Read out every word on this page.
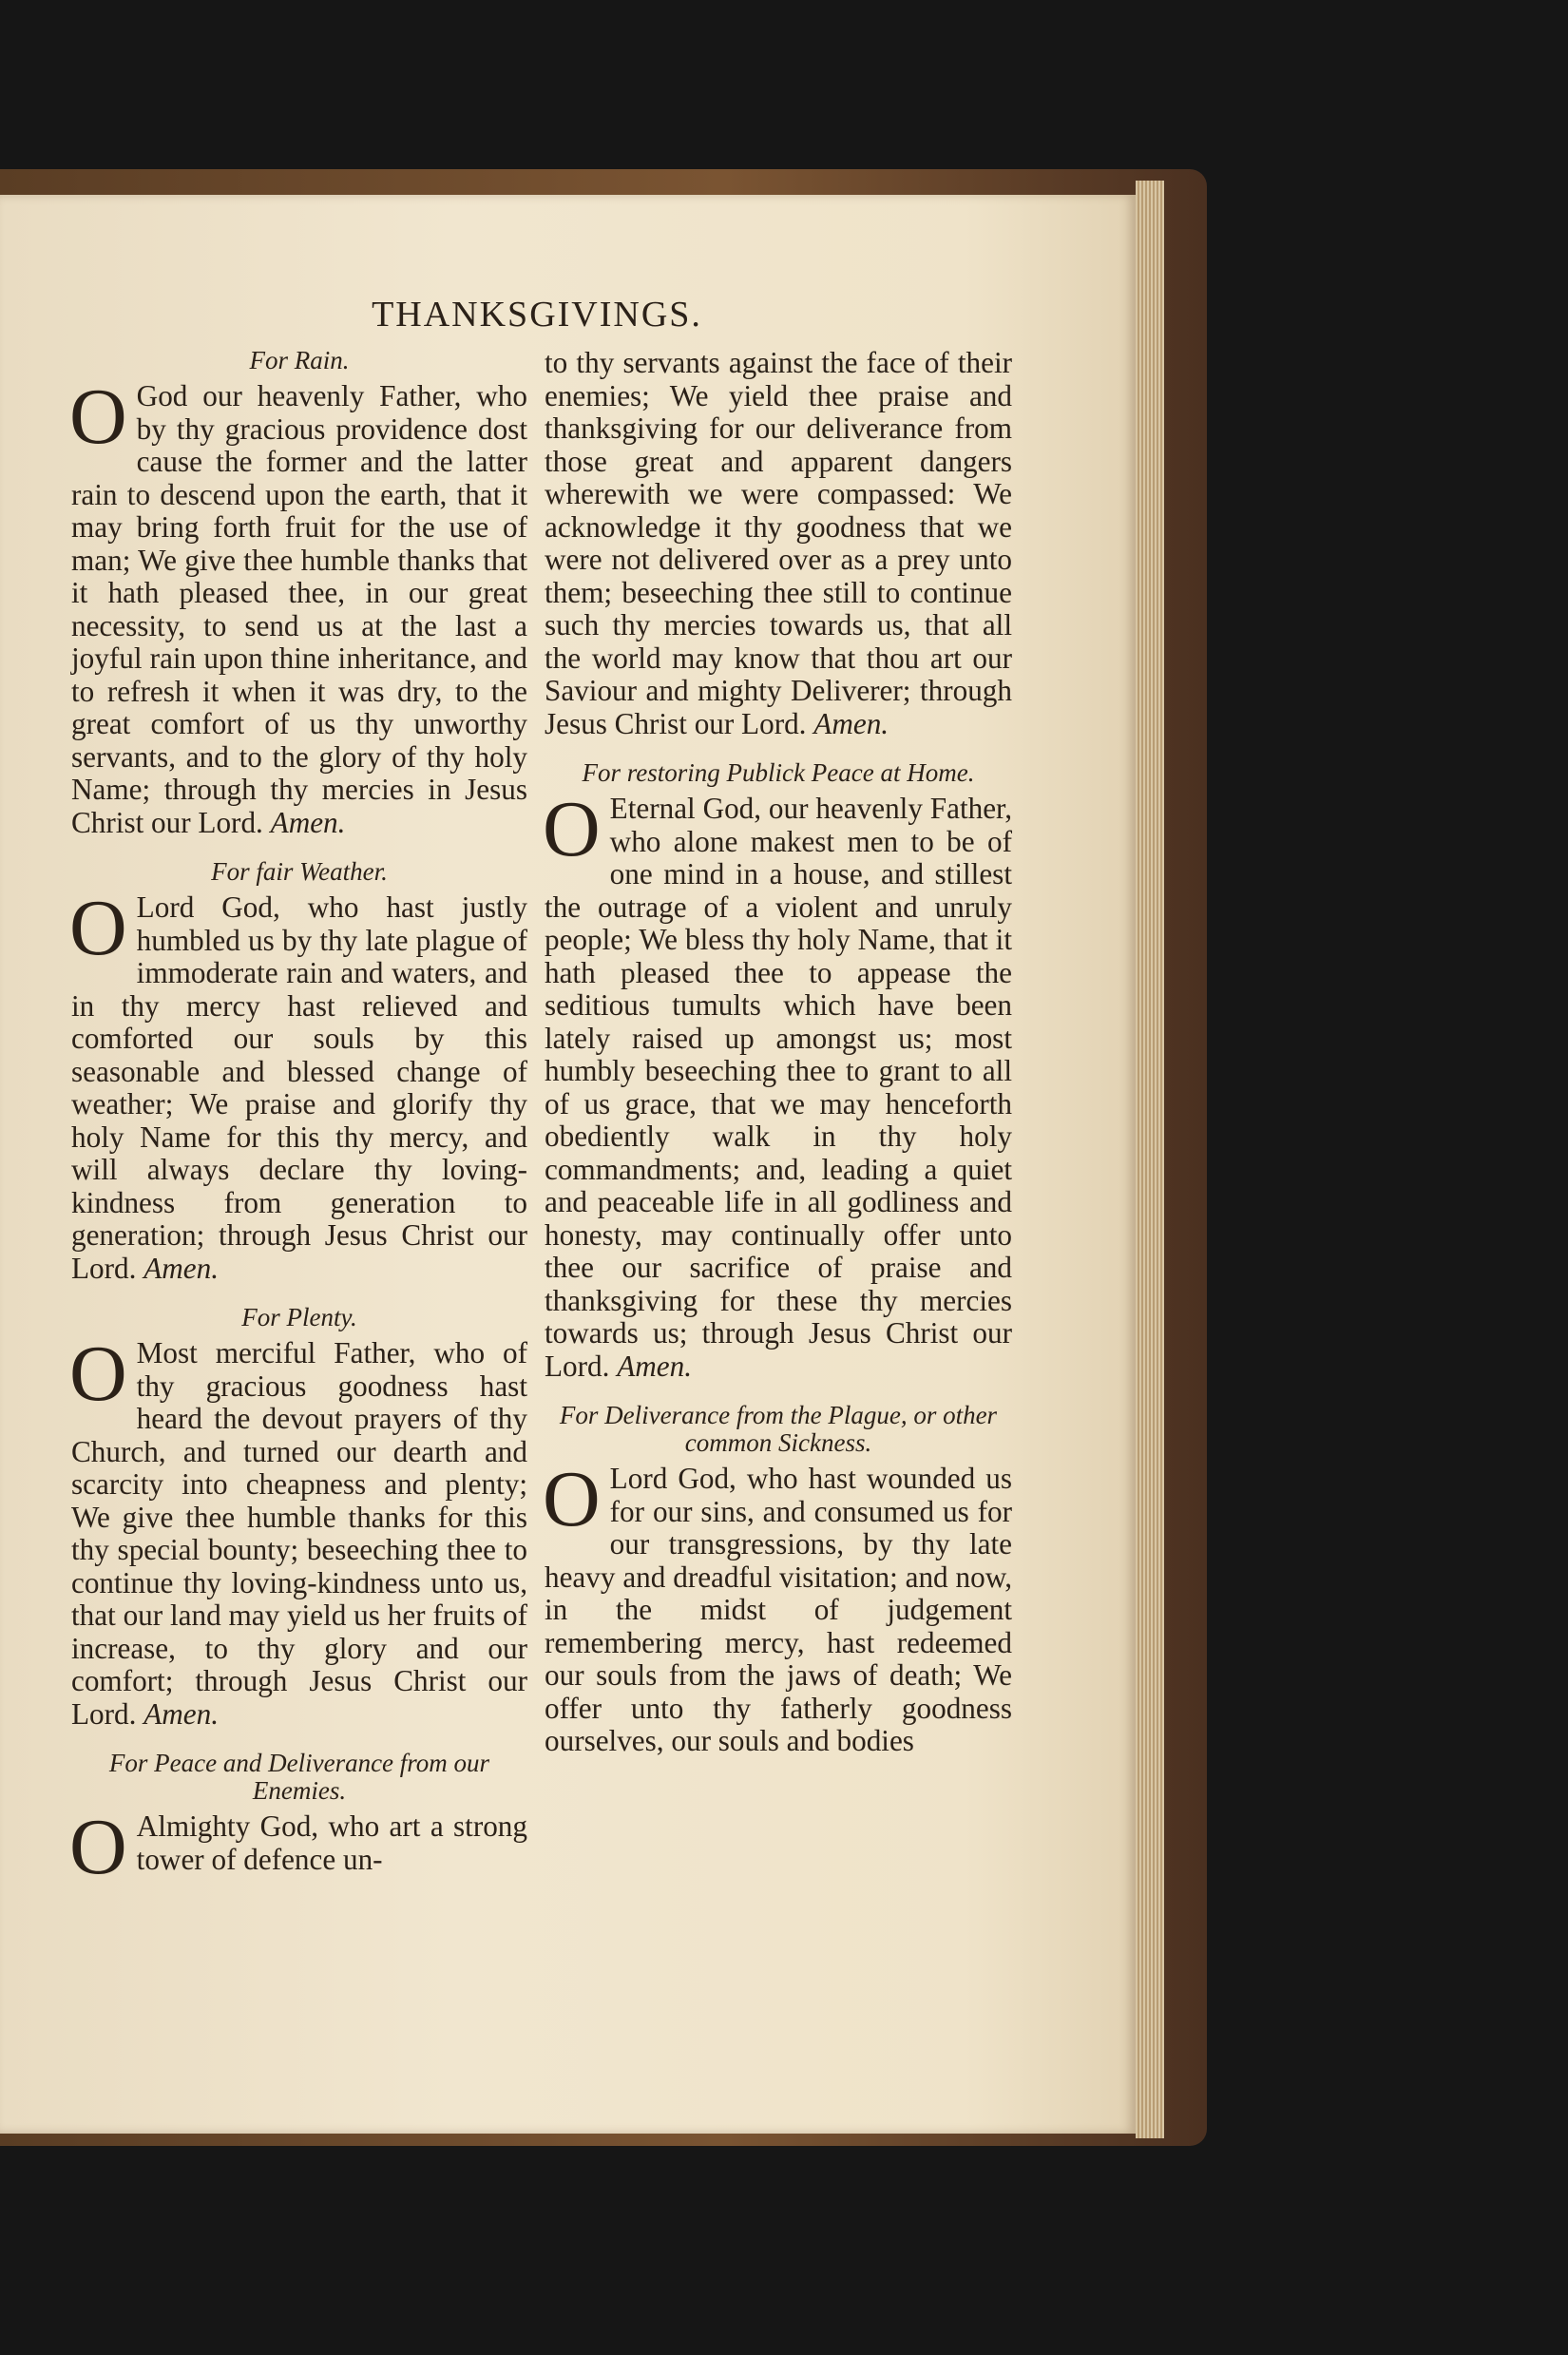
THANKSGIVINGS.
For Rain.

O God our heavenly Father, who by thy gracious providence dost cause the former and the latter rain to descend upon the earth, that it may bring forth fruit for the use of man; We give thee humble thanks that it hath pleased thee, in our great necessity, to send us at the last a joyful rain upon thine inheritance, and to refresh it when it was dry, to the great comfort of us thy unworthy servants, and to the glory of thy holy Name; through thy mercies in Jesus Christ our Lord. Amen.

For fair Weather.

O Lord God, who hast justly humbled us by thy late plague of immoderate rain and waters, and in thy mercy hast relieved and comforted our souls by this seasonable and blessed change of weather; We praise and glorify thy holy Name for this thy mercy, and will always declare thy loving-kindness from generation to generation; through Jesus Christ our Lord. Amen.

For Plenty.

O Most merciful Father, who of thy gracious goodness hast heard the devout prayers of thy Church, and turned our dearth and scarcity into cheapness and plenty; We give thee humble thanks for this thy special bounty; beseeching thee to continue thy loving-kindness unto us, that our land may yield us her fruits of increase, to thy glory and our comfort; through Jesus Christ our Lord. Amen.

For Peace and Deliverance from our Enemies.

O Almighty God, who art a strong tower of defence un-

to thy servants against the face of their enemies; We yield thee praise and thanksgiving for our deliverance from those great and apparent dangers wherewith we were compassed: We acknowledge it thy goodness that we were not delivered over as a prey unto them; beseeching thee still to continue such thy mercies towards us, that all the world may know that thou art our Saviour and mighty Deliverer; through Jesus Christ our Lord. Amen.

For restoring Publick Peace at Home.

O Eternal God, our heavenly Father, who alone makest men to be of one mind in a house, and stillest the outrage of a violent and unruly people; We bless thy holy Name, that it hath pleased thee to appease the seditious tumults which have been lately raised up amongst us; most humbly beseeching thee to grant to all of us grace, that we may henceforth obediently walk in thy holy commandments; and, leading a quiet and peaceable life in all godliness and honesty, may continually offer unto thee our sacrifice of praise and thanksgiving for these thy mercies towards us; through Jesus Christ our Lord. Amen.

For Deliverance from the Plague, or other common Sickness.

O Lord God, who hast wounded us for our sins, and consumed us for our transgressions, by thy late heavy and dreadful visitation; and now, in the midst of judgement remembering mercy, hast redeemed our souls from the jaws of death; We offer unto thy fatherly goodness ourselves, our souls and bodies
